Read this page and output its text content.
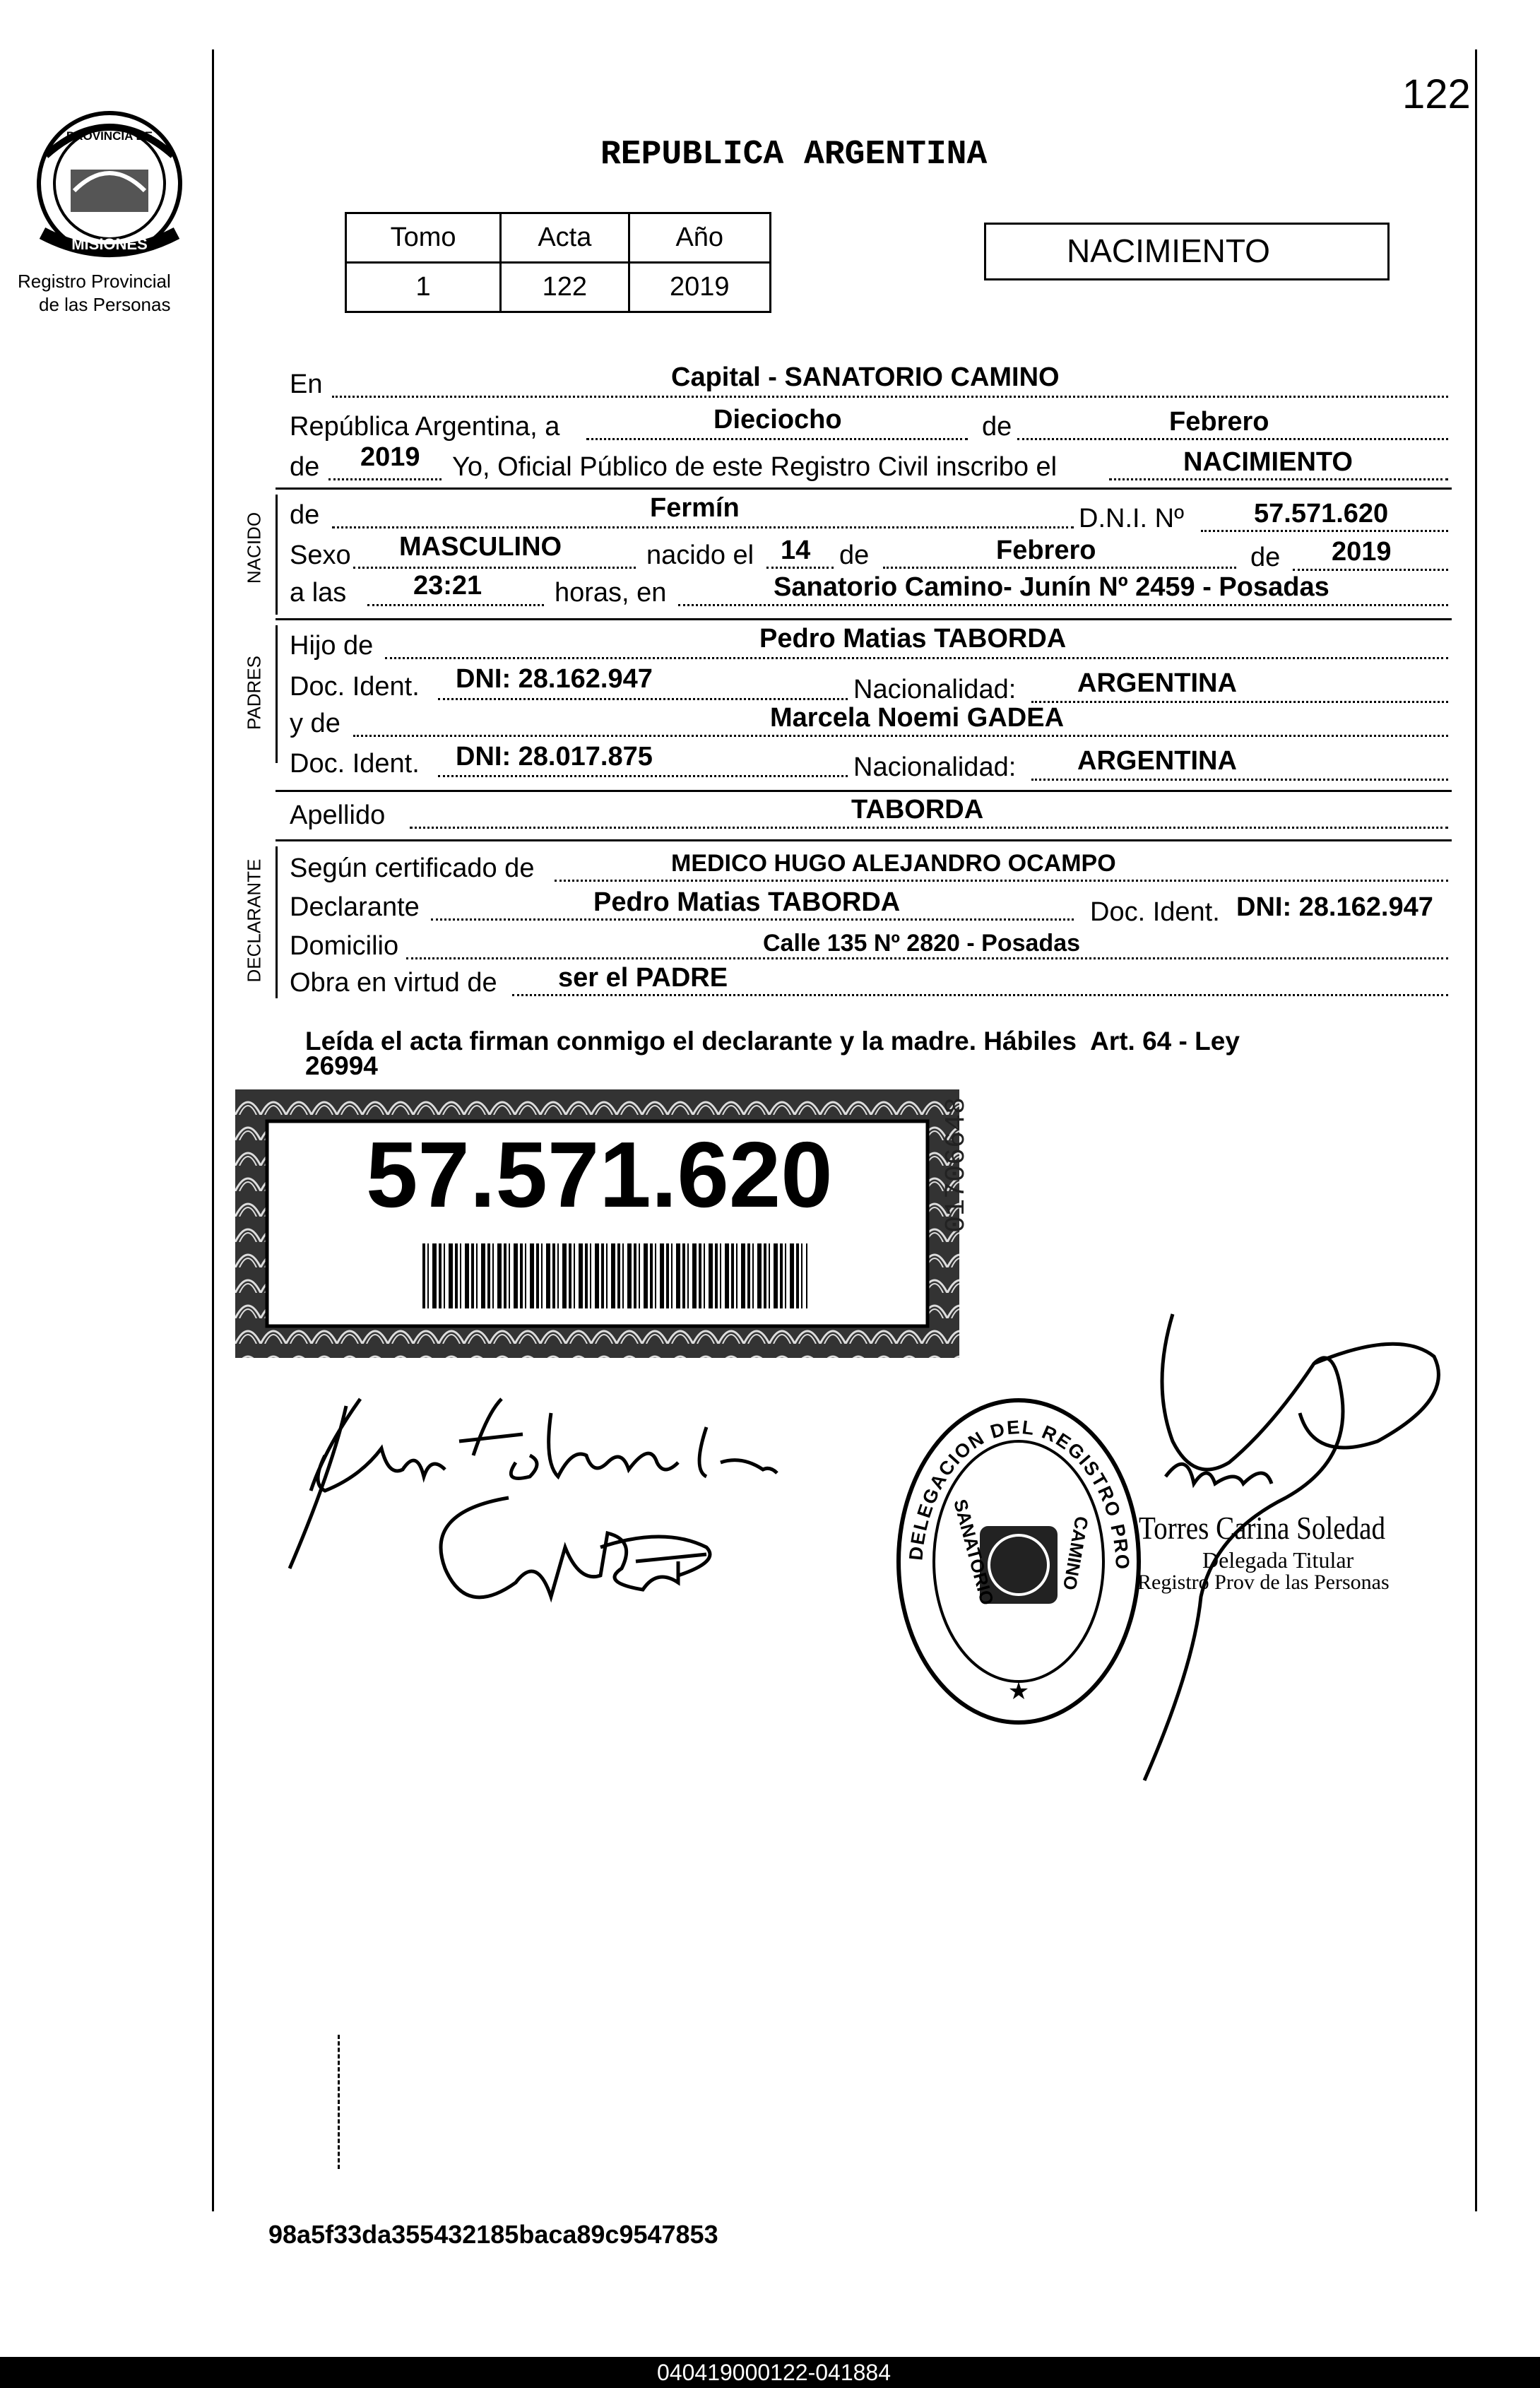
122
MISIONES
PROVINCIA DE
Registro Provincial
de las Personas
REPUBLICA ARGENTINA
Tomo	Acta	Año
1	122	2019
NACIMIENTO
En	Capital - SANATORIO CAMINO
República Argentina, a	Dieciocho	de	Febrero
de 2019 Yo, Oficial Público de este Registro Civil inscribo el	NACIMIENTO
NACIDO de	Fermín	D.N.I. Nº	57.571.620
Sexo MASCULINO	nacido el 14 de	Febrero	de 2019
a las 23:21	horas, en	Sanatorio Camino- Junín Nº 2459 - Posadas
PADRES
Hijo de	Pedro Matias TABORDA
Doc. Ident. DNI: 28.162.947	Nacionalidad: ARGENTINA
y de	Marcela Noemi GADEA
Doc. Ident. DNI: 28.017.875	Nacionalidad: ARGENTINA
Apellido	TABORDA
DECLARANTE Según certificado de	MEDICO HUGO ALEJANDRO OCAMPO
Declarante	Pedro Matias TABORDA	Doc. Ident. DNI: 28.162.947
Domicilio	Calle 135 Nº 2820 - Posadas
Obra en virtud de ser el PADRE
Leída el acta firman conmigo el declarante y la madre. Hábiles  Art. 64 - Ley
26994
57.571.620	01706648
Torres Carina Soledad
Delegada Titular
Registro Prov de las Personas
DELEGACION DEL REGISTRO PRO
SANATORIO	CAMINO
★
98a5f33da355432185baca89c9547853
040419000122-041884
